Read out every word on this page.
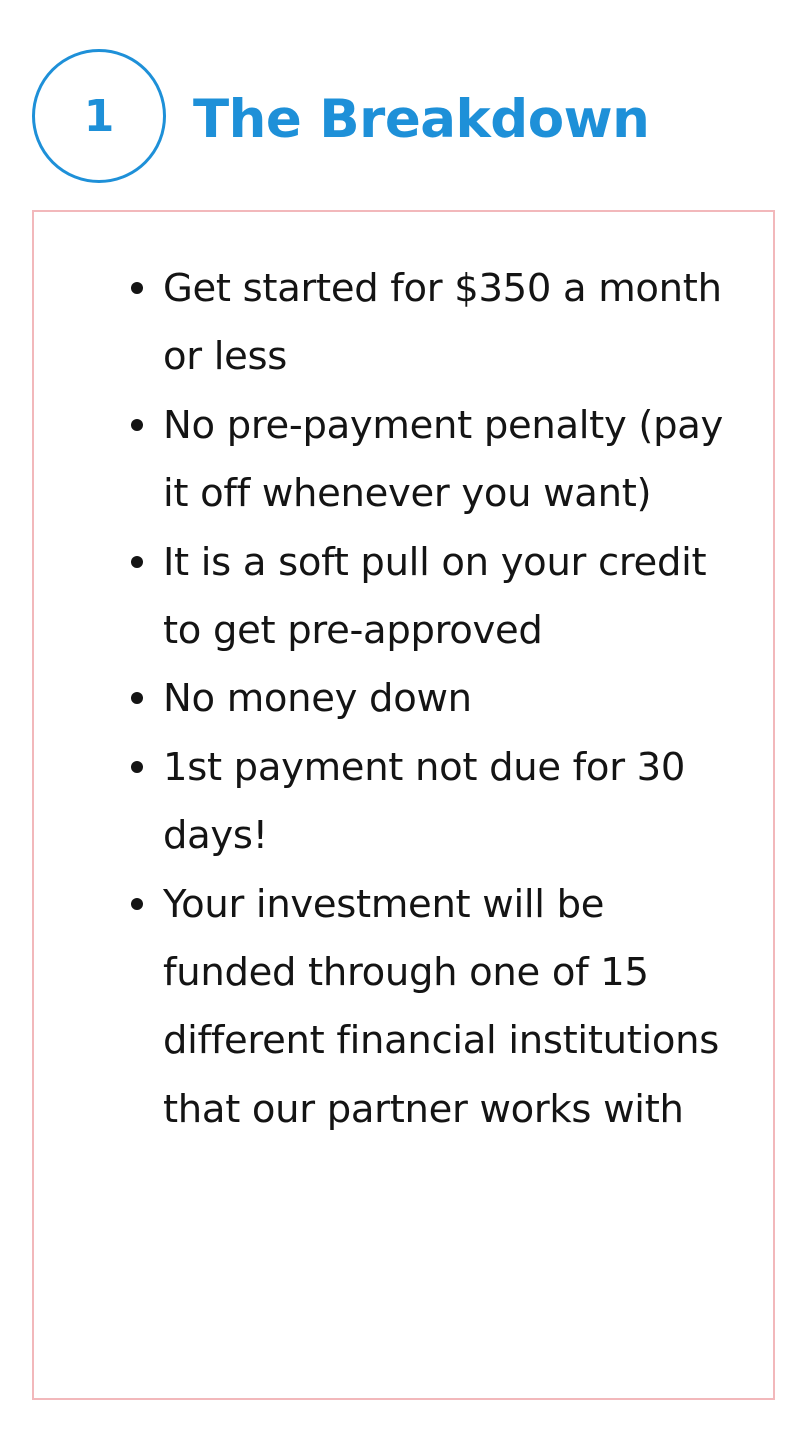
1 The Breakdown
Get started for $350 a month or less
No pre-payment penalty (pay it off whenever you want)
It is a soft pull on your credit to get pre-approved
No money down
1st payment not due for 30 days!
Your investment will be funded through one of 15 different financial institutions that our partner works with
